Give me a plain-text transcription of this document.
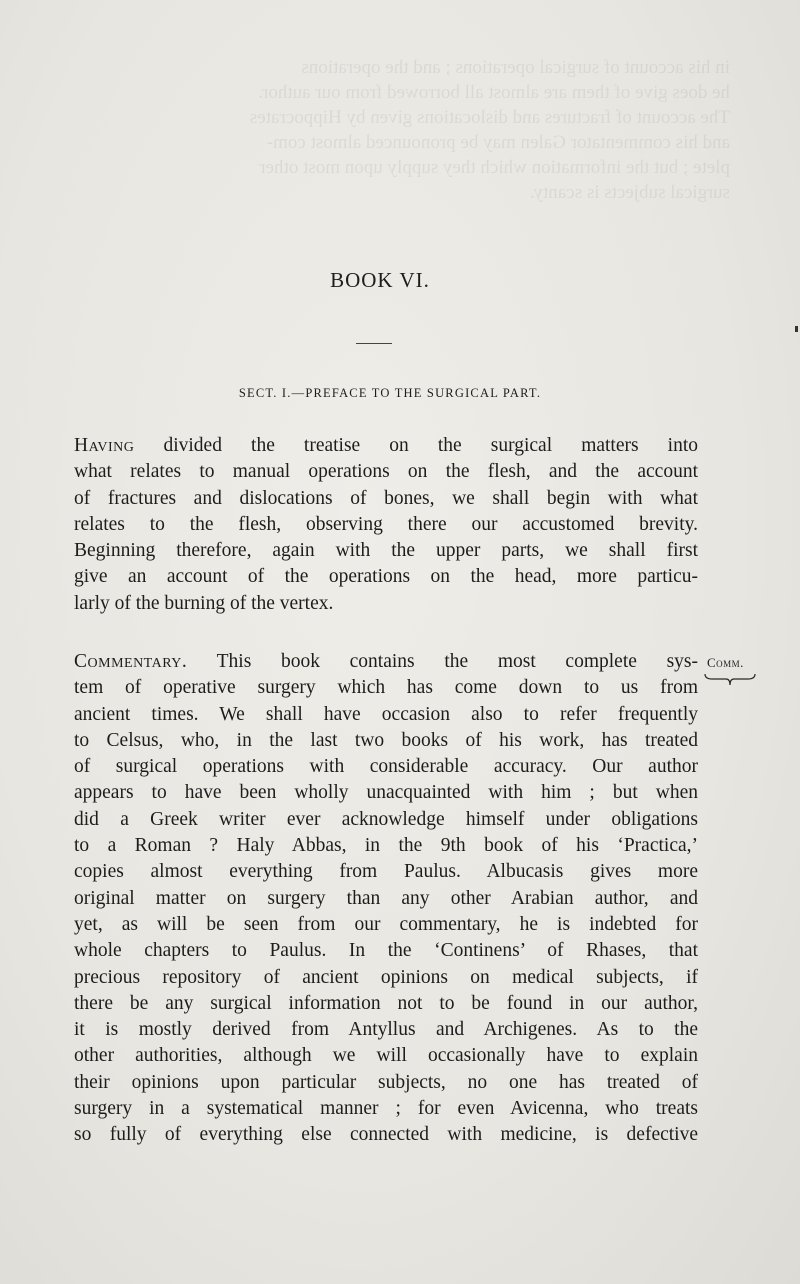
in his account of surgical operations ; and the operations
he does give of them are almost all borrowed from our author.
The account of fractures and dislocations given by Hippocrates
and his commentator Galen may be pronounced almost com-
plete ; but the information which they supply upon most other
surgical subjects is scanty.
BOOK VI.
SECT. I.—PREFACE TO THE SURGICAL PART.
Having divided the treatise on the surgical matters into
what relates to manual operations on the flesh, and the account
of fractures and dislocations of bones, we shall begin with what
relates to the flesh, observing there our accustomed brevity.
Beginning therefore, again with the upper parts, we shall first
give an account of the operations on the head, more particu-
larly of the burning of the vertex.
Comm.
Commentary. This book contains the most complete sys-
tem of operative surgery which has come down to us from
ancient times. We shall have occasion also to refer frequently
to Celsus, who, in the last two books of his work, has treated
of surgical operations with considerable accuracy. Our author
appears to have been wholly unacquainted with him ; but when
did a Greek writer ever acknowledge himself under obligations
to a Roman ? Haly Abbas, in the 9th book of his ‘Practica,’
copies almost everything from Paulus. Albucasis gives more
original matter on surgery than any other Arabian author, and
yet, as will be seen from our commentary, he is indebted for
whole chapters to Paulus. In the ‘Continens’ of Rhases, that
precious repository of ancient opinions on medical subjects, if
there be any surgical information not to be found in our author,
it is mostly derived from Antyllus and Archigenes. As to the
other authorities, although we will occasionally have to explain
their opinions upon particular subjects, no one has treated of
surgery in a systematical manner ; for even Avicenna, who treats
so fully of everything else connected with medicine, is defective
